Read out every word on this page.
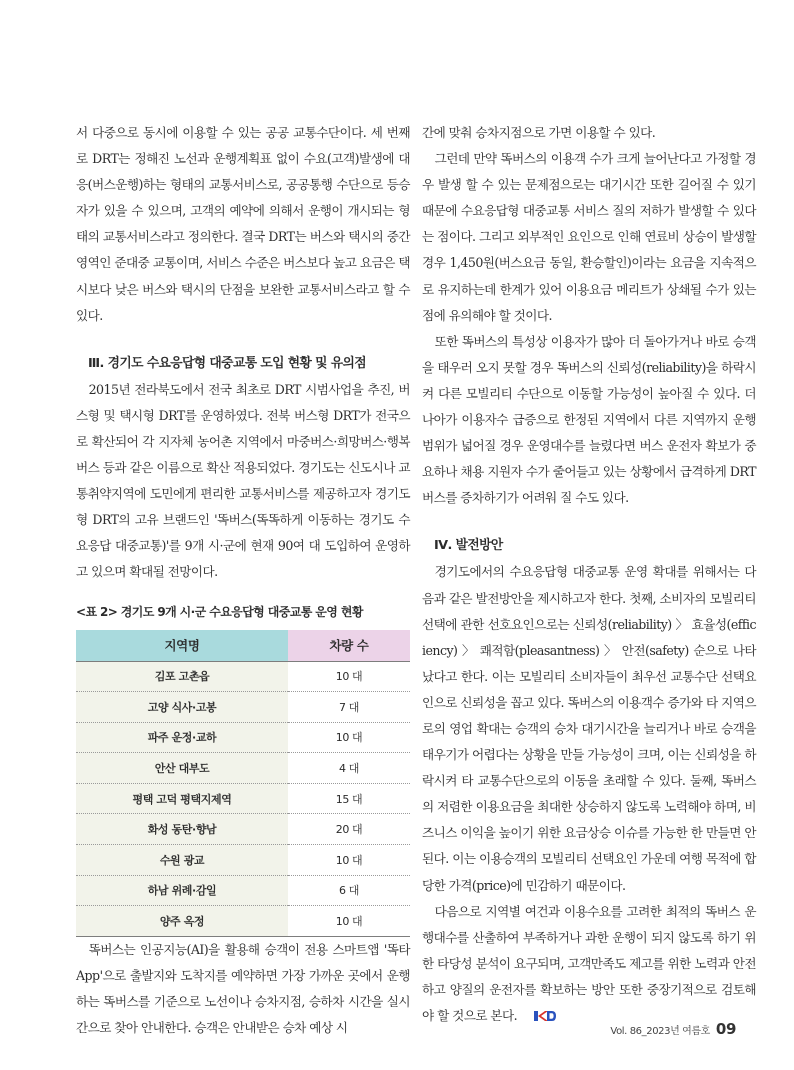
서 다중으로 동시에 이용할 수 있는 공공 교통수단이다. 세 번째로 DRT는 정해진 노선과 운행계획표 없이 수요(고객)발생에 대응(버스운행)하는 형태의 교통서비스로, 공공통행 수단으로 등승자가 있을 수 있으며, 고객의 예약에 의해서 운행이 개시되는 형태의 교통서비스라고 정의한다. 결국 DRT는 버스와 택시의 중간영역인 준대중 교통이며, 서비스 수준은 버스보다 높고 요금은 택시보다 낮은 버스와 택시의 단점을 보완한 교통서비스라고 할 수 있다.

Ⅲ. 경기도 수요응답형 대중교통 도입 현황 및 유의점

2015년 전라북도에서 전국 최초로 DRT 시범사업을 추진, 버스형 및 택시형 DRT를 운영하였다. 전북 버스형 DRT가 전국으로 확산되어 각 지자체 농어촌 지역에서 마중버스·희망버스·행복버스 등과 같은 이름으로 확산 적용되었다. 경기도는 신도시나 교통취약지역에 도민에게 편리한 교통서비스를 제공하고자 경기도형 DRT의 고유 브랜드인 '똑버스(똑똑하게 이동하는 경기도 수요응답 대중교통)'를 9개 시·군에 현재 90여 대 도입하여 운영하고 있으며 확대될 전망이다.

<표 2> 경기도 9개 시·군 수요응답형 대중교통 운영 현황
지역명	차량 수
김포 고촌읍	10 대
고양 식사·고봉	7 대
파주 운정·교하	10 대
안산 대부도	4 대
평택 고덕 평택지제역	15 대
화성 동탄·향남	20 대
수원 광교	10 대
하남 위례·감일	6 대
양주 옥정	10 대

똑버스는 인공지능(AI)을 활용해 승객이 전용 스마트앱 '똑타 App'으로 출발지와 도착지를 예약하면 가장 가까운 곳에서 운행하는 똑버스를 기준으로 노선이나 승차지점, 승하차 시간을 실시간으로 찾아 안내한다. 승객은 안내받은 승차 예상 시

간에 맞춰 승차지점으로 가면 이용할 수 있다.

그런데 만약 똑버스의 이용객 수가 크게 늘어난다고 가정할 경우 발생 할 수 있는 문제점으로는 대기시간 또한 길어질 수 있기 때문에 수요응답형 대중교통 서비스 질의 저하가 발생할 수 있다는 점이다. 그리고 외부적인 요인으로 인해 연료비 상승이 발생할 경우 1,450원(버스요금 동일, 환승할인)이라는 요금을 지속적으로 유지하는데 한계가 있어 이용요금 메리트가 상쇄될 수가 있는 점에 유의해야 할 것이다.

또한 똑버스의 특성상 이용자가 많아 더 돌아가거나 바로 승객을 태우러 오지 못할 경우 똑버스의 신뢰성(reliability)을 하락시켜 다른 모빌리티 수단으로 이동할 가능성이 높아질 수 있다. 더 나아가 이용자수 급증으로 한정된 지역에서 다른 지역까지 운행범위가 넓어질 경우 운영대수를 늘렸다면 버스 운전자 확보가 중요하나 채용 지원자 수가 줄어들고 있는 상황에서 급격하게 DRT 버스를 증차하기가 어려워 질 수도 있다.

Ⅳ. 발전방안

경기도에서의 수요응답형 대중교통 운영 확대를 위해서는 다음과 같은 발전방안을 제시하고자 한다. 첫째, 소비자의 모빌리티 선택에 관한 선호요인으로는 신뢰성(reliability) 〉 효율성(efficiency) 〉 쾌적함(pleasantness) 〉 안전(safety) 순으로 나타났다고 한다. 이는 모빌리티 소비자들이 최우선 교통수단 선택요인으로 신뢰성을 꼽고 있다. 똑버스의 이용객수 증가와 타 지역으로의 영업 확대는 승객의 승차 대기시간을 늘리거나 바로 승객을 태우기가 어렵다는 상황을 만들 가능성이 크며, 이는 신뢰성을 하락시켜 타 교통수단으로의 이동을 초래할 수 있다. 둘째, 똑버스의 저렴한 이용요금을 최대한 상승하지 않도록 노력해야 하며, 비즈니스 이익을 높이기 위한 요금상승 이슈를 가능한 한 만들면 안 된다. 이는 이용승객의 모빌리티 선택요인 가운데 여행 목적에 합당한 가격(price)에 민감하기 때문이다.

다음으로 지역별 여건과 이용수요를 고려한 최적의 똑버스 운행대수를 산출하여 부족하거나 과한 운행이 되지 않도록 하기 위한 타당성 분석이 요구되며, 고객만족도 제고를 위한 노력과 안전하고 양질의 운전자를 확보하는 방안 또한 중장기적으로 검토해야 할 것으로 본다.

Vol. 86_2023년 여름호 09
